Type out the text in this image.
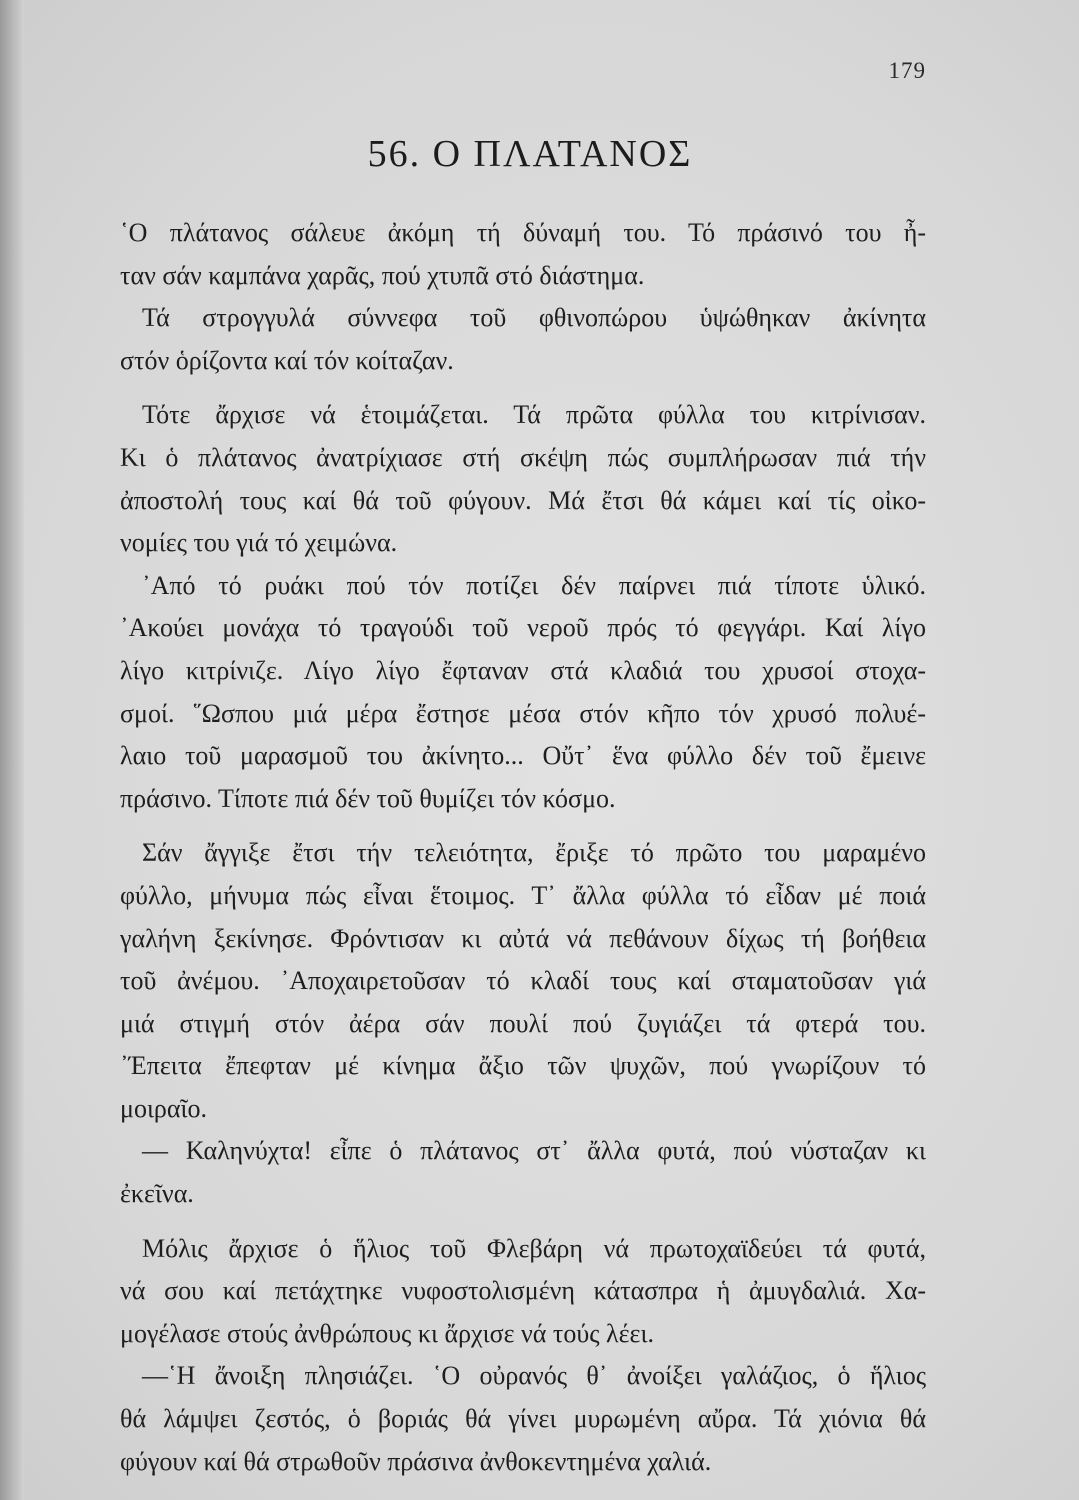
179
56. Ο ΠΛΑΤΑΝΟΣ
῾Ο πλάτανος σάλευε ἀκόμη τή δύναμή του. Τό πράσινό του ἦ-
ταν σάν καμπάνα χαρᾶς, πού χτυπᾶ στό διάστημα.
Τά στρογγυλά σύννεφα τοῦ φθινοπώρου ὑψώθηκαν ἀκίνητα
στόν ὁρίζοντα καί τόν κοίταζαν.
Τότε ἄρχισε νά ἑτοιμάζεται. Τά πρῶτα φύλλα του κιτρίνισαν.
Κι ὁ πλάτανος ἀνατρίχιασε στή σκέψη πώς συμπλήρωσαν πιά τήν
ἀποστολή τους καί θά τοῦ φύγουν. Μά ἔτσι θά κάμει καί τίς οἰκο-
νομίες του γιά τό χειμώνα.
᾽Από τό ρυάκι πού τόν ποτίζει δέν παίρνει πιά τίποτε ὑλικό.
᾽Ακούει μονάχα τό τραγούδι τοῦ νεροῦ πρός τό φεγγάρι. Καί λίγο
λίγο κιτρίνιζε. Λίγο λίγο ἔφταναν στά κλαδιά του χρυσοί στοχα-
σμοί. ῞Ωσπου μιά μέρα ἔστησε μέσα στόν κῆπο τόν χρυσό πολυέ-
λαιο τοῦ μαρασμοῦ του ἀκίνητο... Οὔτ᾽ ἕνα φύλλο δέν τοῦ ἔμεινε
πράσινο. Τίποτε πιά δέν τοῦ θυμίζει τόν κόσμο.
Σάν ἄγγιξε ἔτσι τήν τελειότητα, ἔριξε τό πρῶτο του μαραμένο
φύλλο, μήνυμα πώς εἶναι ἕτοιμος. Τ᾽ ἄλλα φύλλα τό εἶδαν μέ ποιά
γαλήνη ξεκίνησε. Φρόντισαν κι αὐτά νά πεθάνουν δίχως τή βοήθεια
τοῦ ἀνέμου. ᾽Αποχαιρετοῦσαν τό κλαδί τους καί σταματοῦσαν γιά
μιά στιγμή στόν ἀέρα σάν πουλί πού ζυγιάζει τά φτερά του.
᾽Έπειτα ἔπεφταν μέ κίνημα ἄξιο τῶν ψυχῶν, πού γνωρίζουν τό
μοιραῖο.
— Καληνύχτα! εἶπε ὁ πλάτανος στ᾽ ἄλλα φυτά, πού νύσταζαν κι
ἐκεῖνα.
Μόλις ἄρχισε ὁ ἥλιος τοῦ Φλεβάρη νά πρωτοχαϊδεύει τά φυτά,
νά σου καί πετάχτηκε νυφοστολισμένη κάτασπρα ἡ ἀμυγδαλιά. Χα-
μογέλασε στούς ἀνθρώπους κι ἄρχισε νά τούς λέει.
—῾Η ἄνοιξη πλησιάζει. ῾Ο οὐρανός θ᾽ ἀνοίξει γαλάζιος, ὁ ἥλιος
θά λάμψει ζεστός, ὁ βοριάς θά γίνει μυρωμένη αὔρα. Τά χιόνια θά
φύγουν καί θά στρωθοῦν πράσινα ἀνθοκεντημένα χαλιά.
